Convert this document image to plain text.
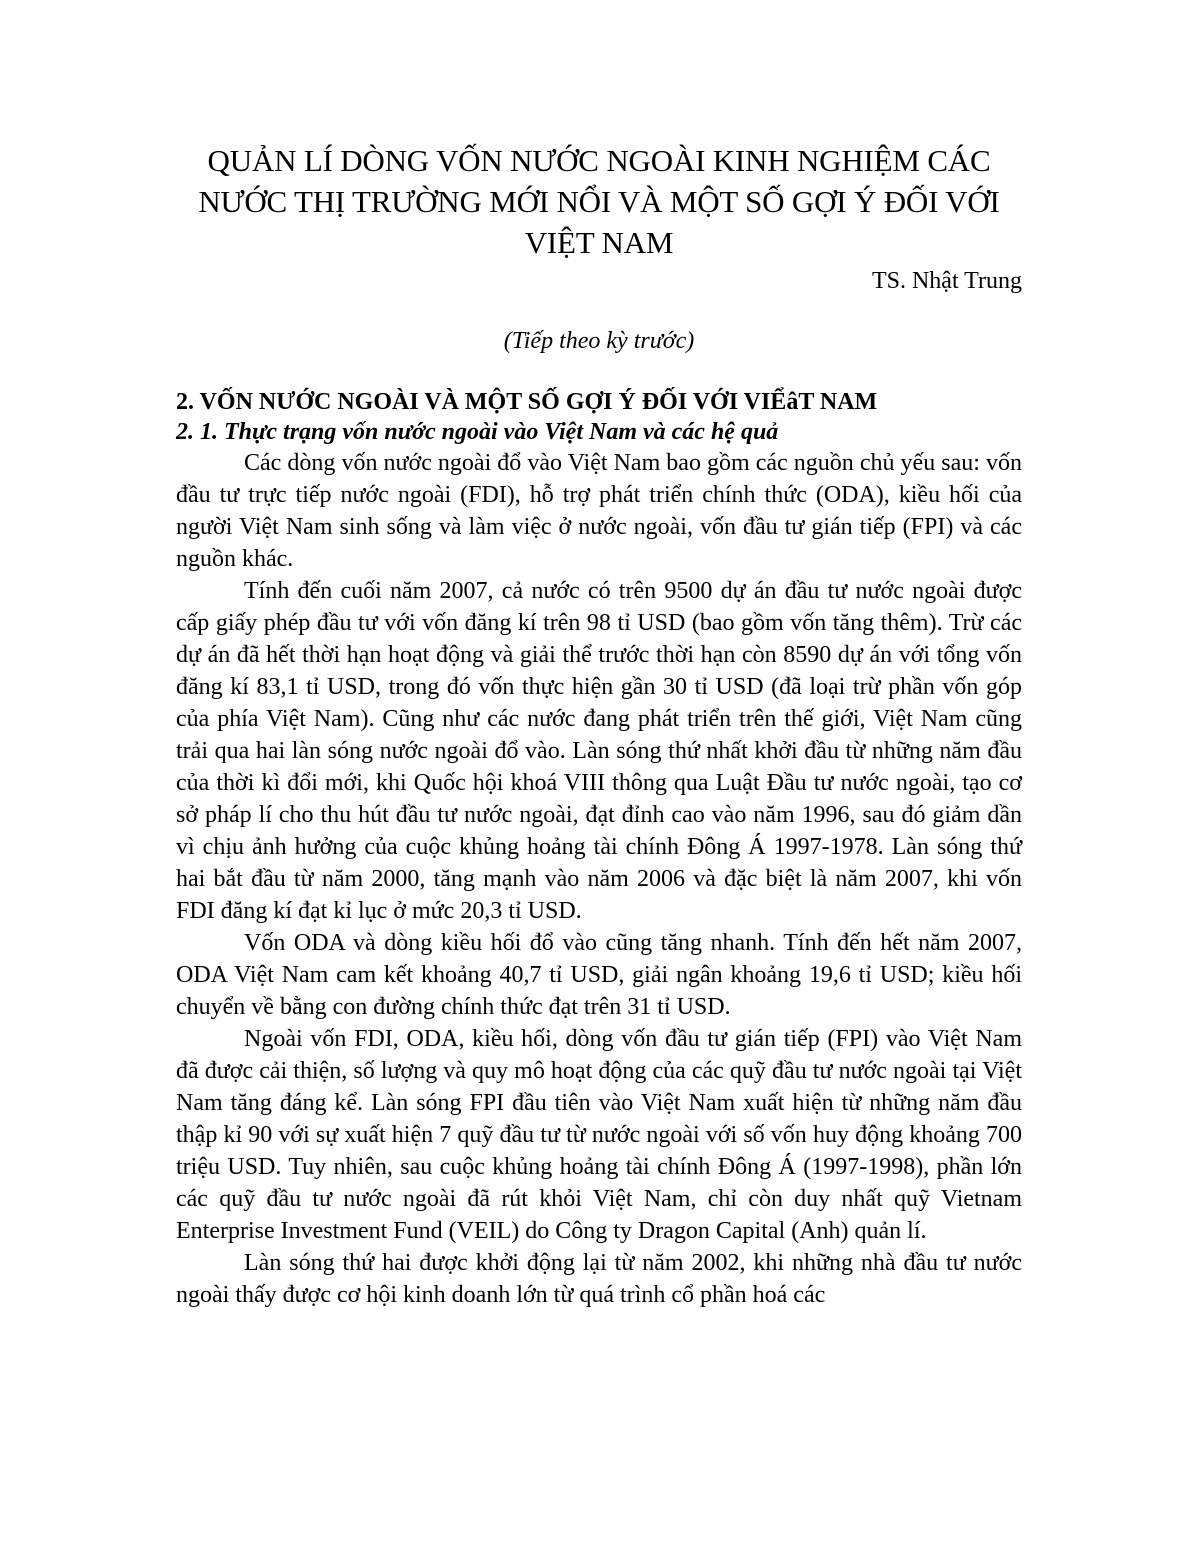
QUẢN LÍ DÒNG VỐN NƯỚC NGOÀI KINH NGHIỆM CÁC NƯỚC THỊ TRƯỜNG MỚI NỔI VÀ MỘT SỐ GỢI Ý ĐỐI VỚI VIỆT NAM

TS. Nhật Trung

(Tiếp theo kỳ trước)

2. VỐN NƯỚC NGOÀI VÀ MỘT SỐ GỢI Ý ĐỐI VỚI VIỂâT NAM

2. 1. Thực trạng vốn nước ngoài vào Việt Nam và các hệ quả

Các dòng vốn nước ngoài đổ vào Việt Nam bao gồm các nguồn chủ yếu sau: vốn đầu tư trực tiếp nước ngoài (FDI), hỗ trợ phát triển chính thức (ODA), kiều hối của người Việt Nam sinh sống và làm việc ở nước ngoài, vốn đầu tư gián tiếp (FPI) và các nguồn khác.

Tính đến cuối năm 2007, cả nước có trên 9500 dự án đầu tư nước ngoài được cấp giấy phép đầu tư với vốn đăng kí trên 98 tỉ USD (bao gồm vốn tăng thêm). Trừ các dự án đã hết thời hạn hoạt động và giải thể trước thời hạn còn 8590 dự án với tổng vốn đăng kí 83,1 tỉ USD, trong đó vốn thực hiện gần 30 tỉ USD (đã loại trừ phần vốn góp của phía Việt Nam). Cũng như các nước đang phát triển trên thế giới, Việt Nam cũng trải qua hai làn sóng nước ngoài đổ vào. Làn sóng thứ nhất khởi đầu từ những năm đầu của thời kì đổi mới, khi Quốc hội khoá VIII thông qua Luật Đầu tư nước ngoài, tạo cơ sở pháp lí cho thu hút đầu tư nước ngoài, đạt đỉnh cao vào năm 1996, sau đó giảm dần vì chịu ảnh hưởng của cuộc khủng hoảng tài chính Đông Á 1997-1978. Làn sóng thứ hai bắt đầu từ năm 2000, tăng mạnh vào năm 2006 và đặc biệt là năm 2007, khi vốn FDI đăng kí đạt kỉ lục ở mức 20,3 tỉ USD.

Vốn ODA và dòng kiều hối đổ vào cũng tăng nhanh. Tính đến hết năm 2007, ODA Việt Nam cam kết khoảng 40,7 tỉ USD, giải ngân khoảng 19,6 tỉ USD; kiều hối chuyển về bằng con đường chính thức đạt trên 31 tỉ USD.

Ngoài vốn FDI, ODA, kiều hối, dòng vốn đầu tư gián tiếp (FPI) vào Việt Nam đã được cải thiện, số lượng và quy mô hoạt động của các quỹ đầu tư nước ngoài tại Việt Nam tăng đáng kể. Làn sóng FPI đầu tiên vào Việt Nam xuất hiện từ những năm đầu thập kỉ 90 với sự xuất hiện 7 quỹ đầu tư từ nước ngoài với số vốn huy động khoảng 700 triệu USD. Tuy nhiên, sau cuộc khủng hoảng tài chính Đông Á (1997-1998), phần lớn các quỹ đầu tư nước ngoài đã rút khỏi Việt Nam, chỉ còn duy nhất quỹ Vietnam Enterprise Investment Fund (VEIL) do Công ty Dragon Capital (Anh) quản lí.

Làn sóng thứ hai được khởi động lại từ năm 2002, khi những nhà đầu tư nước ngoài thấy được cơ hội kinh doanh lớn từ quá trình cổ phần hoá các
